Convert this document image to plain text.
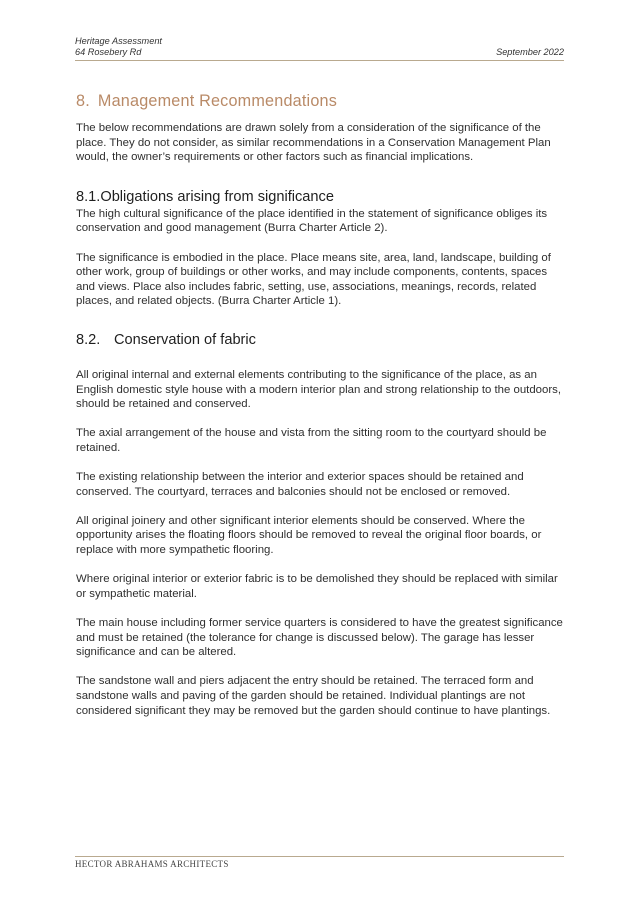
Heritage Assessment
64 Rosebery Rd	September 2022
8. Management Recommendations

The below recommendations are drawn solely from a consideration of the significance of the place. They do not consider, as similar recommendations in a Conservation Management Plan would, the owner’s requirements or other factors such as financial implications.

8.1.Obligations arising from significance

The high cultural significance of the place identified in the statement of significance obliges its conservation and good management (Burra Charter Article 2).

The significance is embodied in the place. Place means site, area, land, landscape, building of other work, group of buildings or other works, and may include components, contents, spaces and views. Place also includes fabric, setting, use, associations, meanings, records, related places, and related objects. (Burra Charter Article 1).

8.2. Conservation of fabric

All original internal and external elements contributing to the significance of the place, as an English domestic style house with a modern interior plan and strong relationship to the outdoors, should be retained and conserved.

The axial arrangement of the house and vista from the sitting room to the courtyard should be retained.

The existing relationship between the interior and exterior spaces should be retained and conserved. The courtyard, terraces and balconies should not be enclosed or removed.

All original joinery and other significant interior elements should be conserved. Where the opportunity arises the floating floors should be removed to reveal the original floor boards, or replace with more sympathetic flooring.

Where original interior or exterior fabric is to be demolished they should be replaced with similar or sympathetic material.

The main house including former service quarters is considered to have the greatest significance and must be retained (the tolerance for change is discussed below). The garage has lesser significance and can be altered.

The sandstone wall and piers adjacent the entry should be retained. The terraced form and sandstone walls and paving of the garden should be retained. Individual plantings are not considered significant they may be removed but the garden should continue to have plantings.

HECTOR ABRAHAMS ARCHITECTS
